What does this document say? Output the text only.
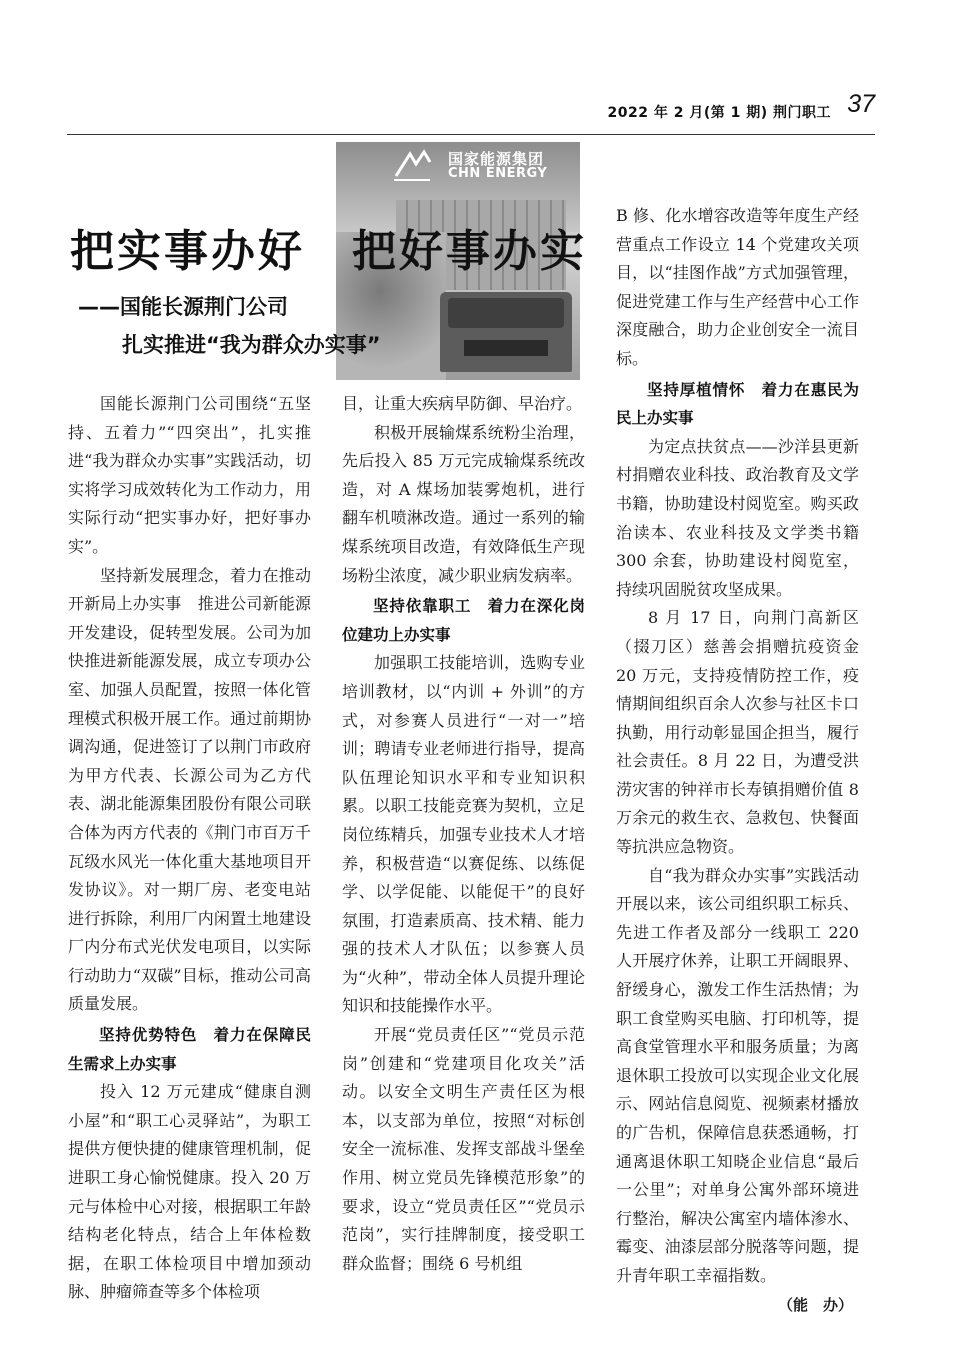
2022 年 2 月(第 1 期) 荆门职工 37
国家能源集团
CHN ENERGY
把实事办好　把好事办实
——国能长源荆门公司
扎实推进“我为群众办实事”

国能长源荆门公司围绕“五坚持、五着力”“四突出”，扎实推进“我为群众办实事”实践活动，切实将学习成效转化为工作动力，用实际行动“把实事办好，把好事办实”。

坚持新发展理念，着力在推动开新局上办实事　推进公司新能源开发建设，促转型发展。公司为加快推进新能源发展，成立专项办公室、加强人员配置，按照一体化管理模式积极开展工作。通过前期协调沟通，促进签订了以荆门市政府为甲方代表、长源公司为乙方代表、湖北能源集团股份有限公司联合体为丙方代表的《荆门市百万千瓦级水风光一体化重大基地项目开发协议》。对一期厂房、老变电站进行拆除，利用厂内闲置土地建设厂内分布式光伏发电项目，以实际行动助力“双碳”目标，推动公司高质量发展。

坚持优势特色　着力在保障民生需求上办实事

投入 12 万元建成“健康自测小屋”和“职工心灵驿站”，为职工提供方便快捷的健康管理机制，促进职工身心愉悦健康。投入 20 万元与体检中心对接，根据职工年龄结构老化特点，结合上年体检数据，在职工体检项目中增加颈动脉、肿瘤筛查等多个体检项

目，让重大疾病早防御、早治疗。

积极开展输煤系统粉尘治理，先后投入 85 万元完成输煤系统改造，对 A 煤场加装雾炮机，进行翻车机喷淋改造。通过一系列的输煤系统项目改造，有效降低生产现场粉尘浓度，减少职业病发病率。

坚持依靠职工　着力在深化岗位建功上办实事

加强职工技能培训，选购专业培训教材，以“内训 + 外训”的方式，对参赛人员进行“一对一”培训；聘请专业老师进行指导，提高队伍理论知识水平和专业知识积累。以职工技能竞赛为契机，立足岗位练精兵，加强专业技术人才培养，积极营造“以赛促练、以练促学、以学促能、以能促干”的良好氛围，打造素质高、技术精、能力强的技术人才队伍；以参赛人员为“火种”，带动全体人员提升理论知识和技能操作水平。

开展“党员责任区”“党员示范岗”创建和“党建项目化攻关”活动。以安全文明生产责任区为根本，以支部为单位，按照“对标创安全一流标准、发挥支部战斗堡垒作用、树立党员先锋模范形象”的要求，设立“党员责任区”“党员示范岗”，实行挂牌制度，接受职工群众监督；围绕 6 号机组

B 修、化水增容改造等年度生产经营重点工作设立 14 个党建攻关项目，以“挂图作战”方式加强管理，促进党建工作与生产经营中心工作深度融合，助力企业创安全一流目标。

坚持厚植情怀　着力在惠民为民上办实事

为定点扶贫点——沙洋县更新村捐赠农业科技、政治教育及文学书籍，协助建设村阅览室。购买政治读本、农业科技及文学类书籍 300 余套，协助建设村阅览室，持续巩固脱贫攻坚成果。

8 月 17 日，向荆门高新区（掇刀区）慈善会捐赠抗疫资金 20 万元，支持疫情防控工作，疫情期间组织百余人次参与社区卡口执勤，用行动彰显国企担当，履行社会责任。8 月 22 日，为遭受洪涝灾害的钟祥市长寿镇捐赠价值 8 万余元的救生衣、急救包、快餐面等抗洪应急物资。

自“我为群众办实事”实践活动开展以来，该公司组织职工标兵、先进工作者及部分一线职工 220 人开展疗休养，让职工开阔眼界、舒缓身心，激发工作生活热情；为职工食堂购买电脑、打印机等，提高食堂管理水平和服务质量；为离退休职工投放可以实现企业文化展示、网站信息阅览、视频素材播放的广告机，保障信息获悉通畅，打通离退休职工知晓企业信息“最后一公里”；对单身公寓外部环境进行整治，解决公寓室内墙体渗水、霉变、油漆层部分脱落等问题，提升青年职工幸福指数。
（能　办）
